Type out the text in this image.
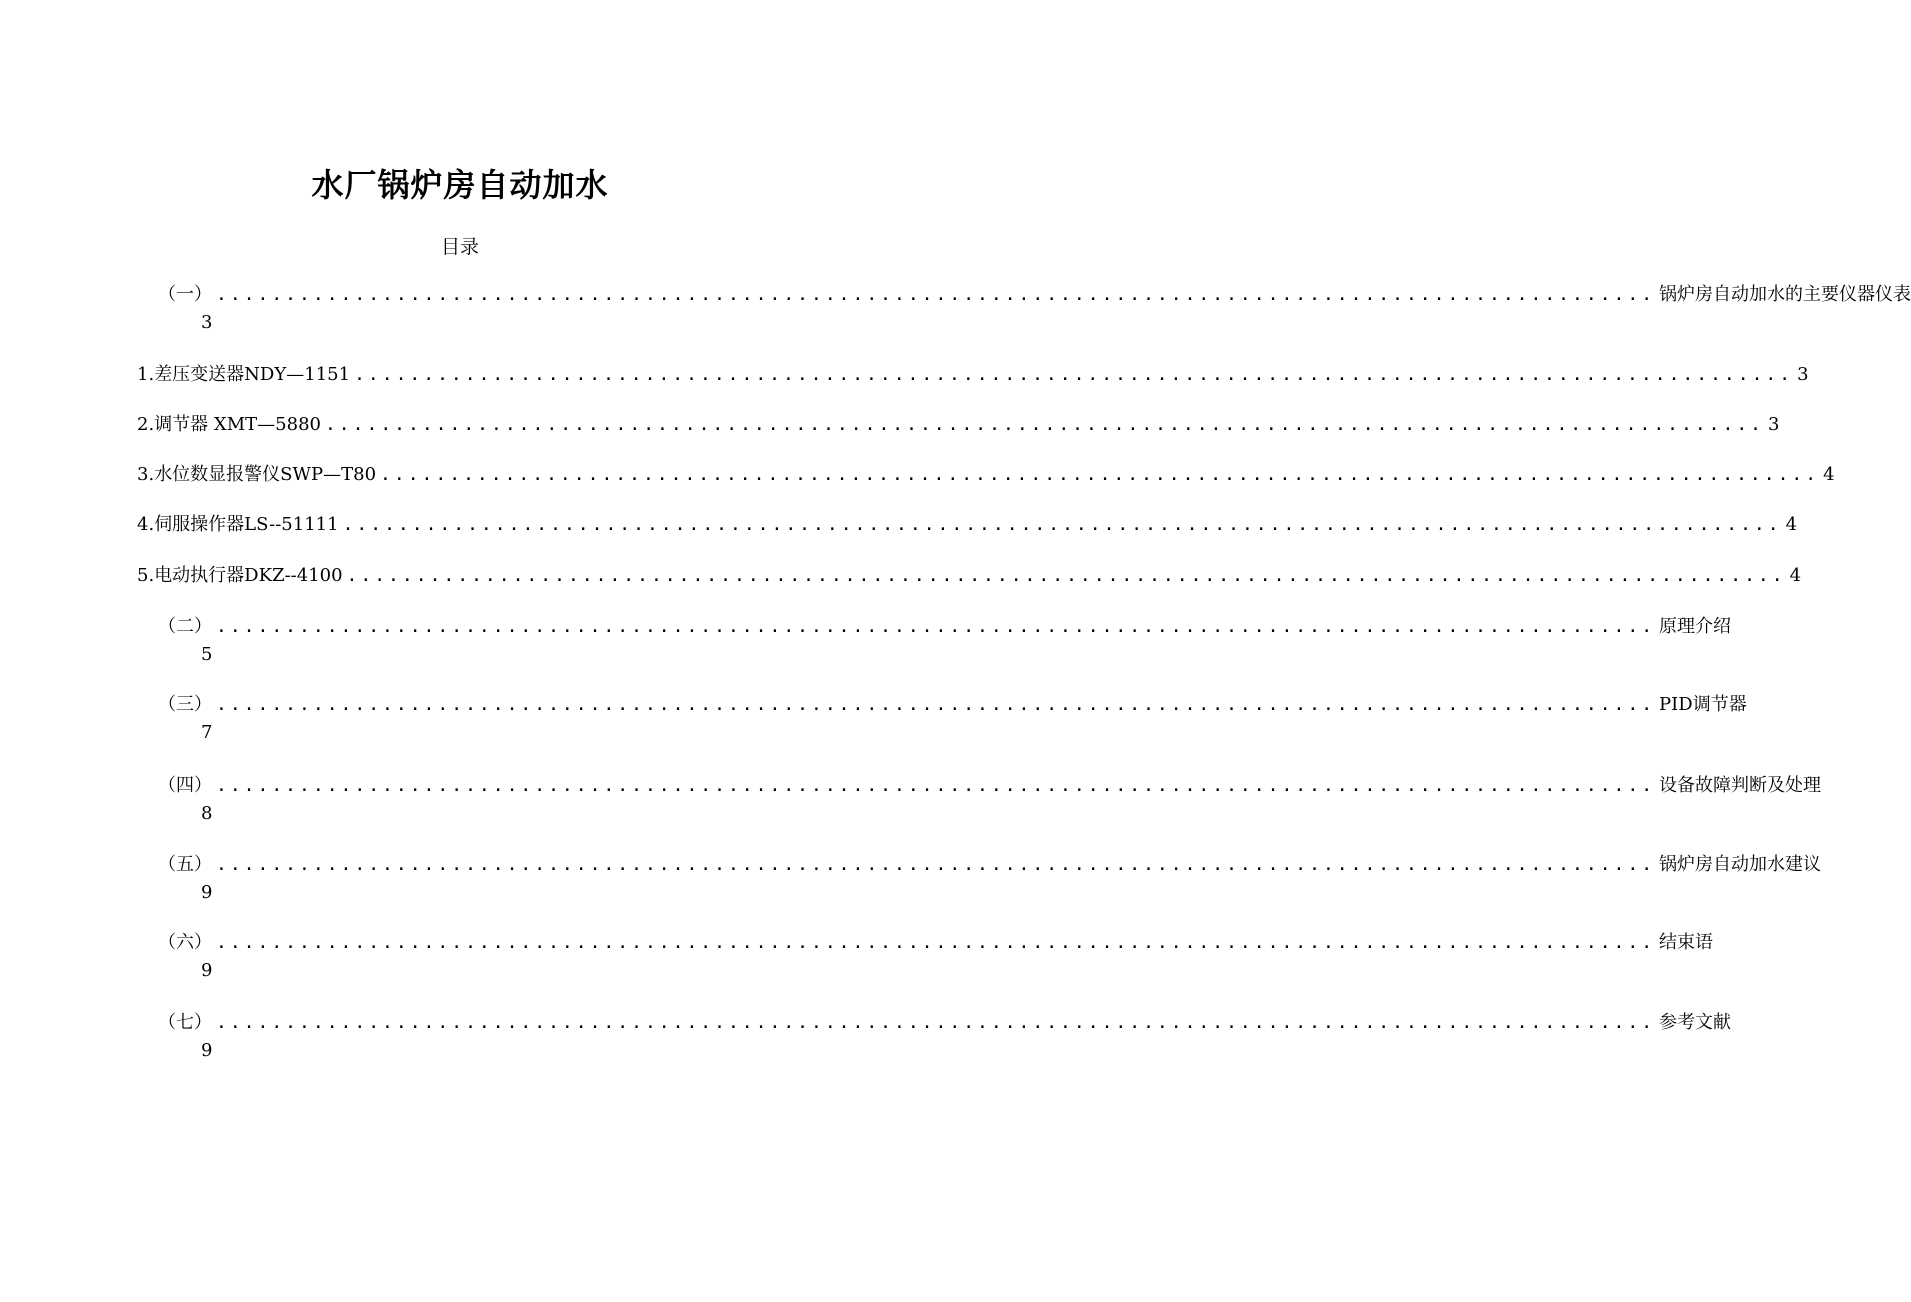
水厂锅炉房自动加水
目录
（一） ........................................................................................................ 锅炉房自动加水的主要仪器仪表
3
1. 差压变送器NDY—1151 ........................................................................................................ 3
2. 调节器 XMT—5880 ........................................................................................................ 3
3. 水位数显报警仪SWP—T80 ........................................................................................................ 4
4. 伺服操作器LS--51111 ........................................................................................................ 4
5. 电动执行器DKZ--4100 ........................................................................................................ 4
（二） ........................................................................................................ 原理介绍
5
（三） ........................................................................................................ PID调节器
7
（四） ........................................................................................................ 设备故障判断及处理
8
（五） ........................................................................................................ 锅炉房自动加水建议
9
（六） ........................................................................................................ 结束语
9
（七） ........................................................................................................ 参考文献
9
